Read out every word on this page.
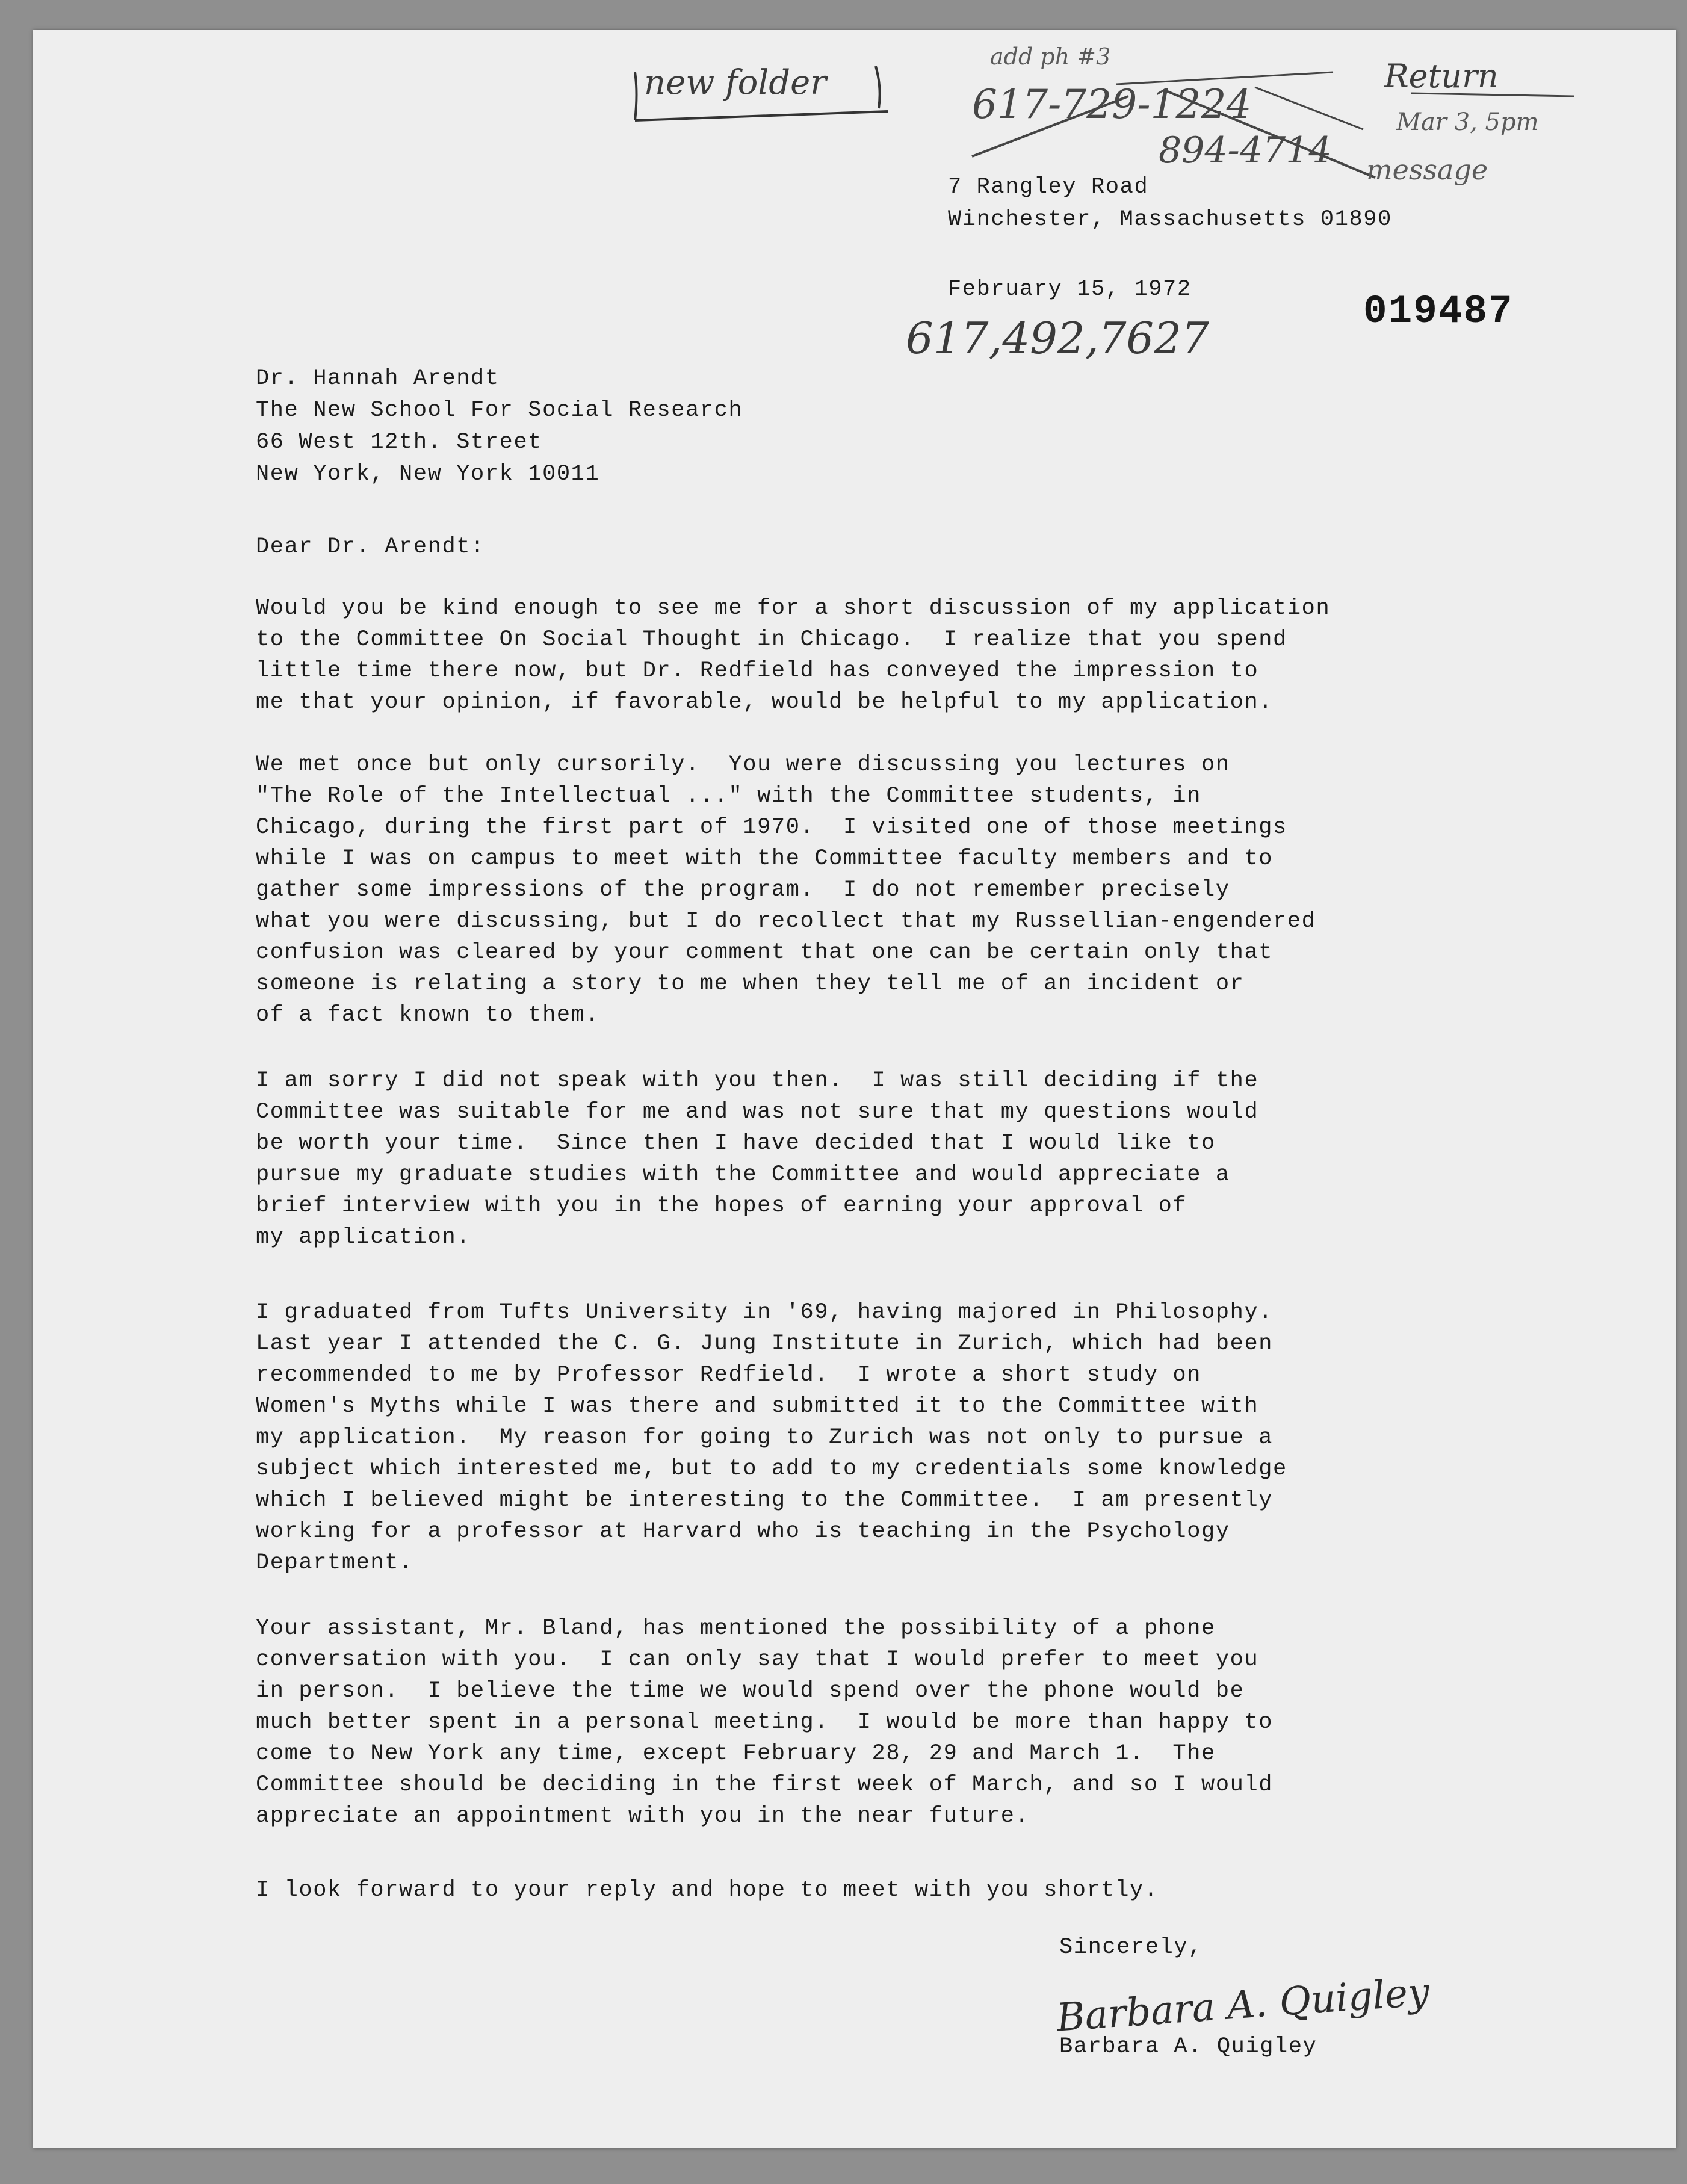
new folder
add ph #3
617-729-1224
894-4714
Return
Mar 3, 5pm
message
7 Rangley Road
Winchester, Massachusetts 01890
February 15, 1972	019487
617,492,7627
Dr. Hannah Arendt
The New School For Social Research
66 West 12th. Street
New York, New York 10011
Dear Dr. Arendt:
Would you be kind enough to see me for a short discussion of my application
to the Committee On Social Thought in Chicago.  I realize that you spend
little time there now, but Dr. Redfield has conveyed the impression to
me that your opinion, if favorable, would be helpful to my application.
We met once but only cursorily.  You were discussing you lectures on
"The Role of the Intellectual ..." with the Committee students, in
Chicago, during the first part of 1970.  I visited one of those meetings
while I was on campus to meet with the Committee faculty members and to
gather some impressions of the program.  I do not remember precisely
what you were discussing, but I do recollect that my Russellian-engendered
confusion was cleared by your comment that one can be certain only that
someone is relating a story to me when they tell me of an incident or
of a fact known to them.
I am sorry I did not speak with you then.  I was still deciding if the
Committee was suitable for me and was not sure that my questions would
be worth your time.  Since then I have decided that I would like to
pursue my graduate studies with the Committee and would appreciate a
brief interview with you in the hopes of earning your approval of
my application.
I graduated from Tufts University in '69, having majored in Philosophy.
Last year I attended the C. G. Jung Institute in Zurich, which had been
recommended to me by Professor Redfield.  I wrote a short study on
Women's Myths while I was there and submitted it to the Committee with
my application.  My reason for going to Zurich was not only to pursue a
subject which interested me, but to add to my credentials some knowledge
which I believed might be interesting to the Committee.  I am presently
working for a professor at Harvard who is teaching in the Psychology
Department.
Your assistant, Mr. Bland, has mentioned the possibility of a phone
conversation with you.  I can only say that I would prefer to meet you
in person.  I believe the time we would spend over the phone would be
much better spent in a personal meeting.  I would be more than happy to
come to New York any time, except February 28, 29 and March 1.  The
Committee should be deciding in the first week of March, and so I would
appreciate an appointment with you in the near future.
I look forward to your reply and hope to meet with you shortly.
Sincerely,
Barbara A. Quigley
Barbara A. Quigley
